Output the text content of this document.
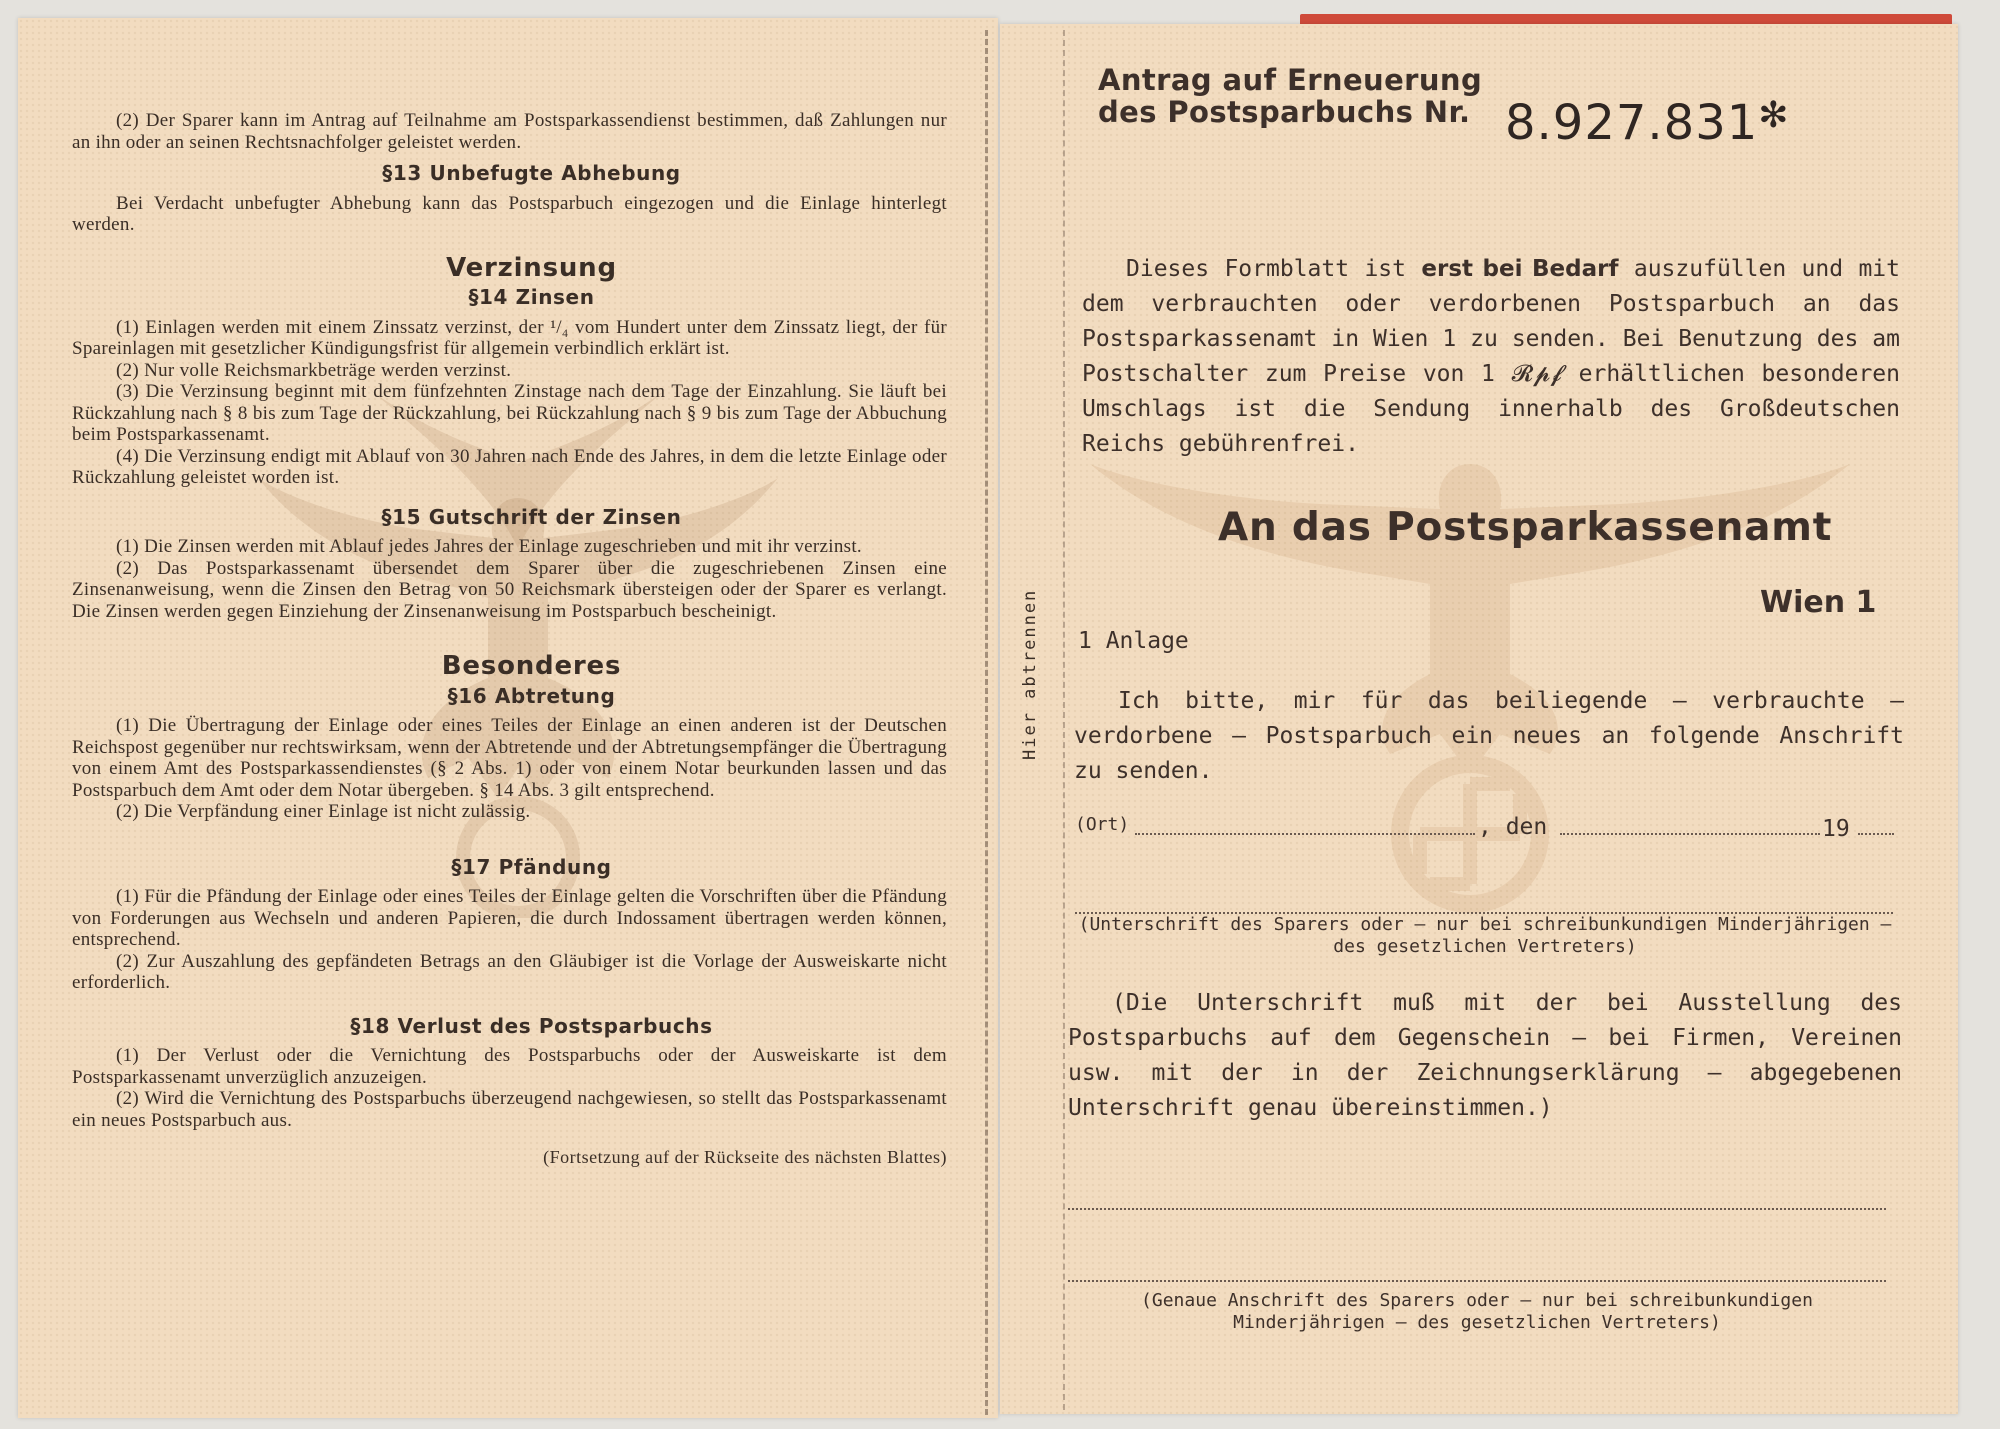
(2) Der Sparer kann im Antrag auf Teilnahme am Postsparkassendienst bestimmen, daß Zahlungen nur an ihn oder an seinen Rechtsnachfolger geleistet werden.

§13 Unbefugte Abhebung

Bei Verdacht unbefugter Abhebung kann das Postsparbuch eingezogen und die Einlage hinterlegt werden.

Verzinsung

§14 Zinsen

(1) Einlagen werden mit einem Zinssatz verzinst, der ¹/₄ vom Hundert unter dem Zinssatz liegt, der für Spareinlagen mit gesetzlicher Kündigungsfrist für allgemein verbindlich erklärt ist.

(2) Nur volle Reichsmarkbeträge werden verzinst.

(3) Die Verzinsung beginnt mit dem fünfzehnten Zinstage nach dem Tage der Einzahlung. Sie läuft bei Rückzahlung nach § 8 bis zum Tage der Rückzahlung, bei Rückzahlung nach § 9 bis zum Tage der Abbuchung beim Postsparkassenamt.

(4) Die Verzinsung endigt mit Ablauf von 30 Jahren nach Ende des Jahres, in dem die letzte Einlage oder Rückzahlung geleistet worden ist.

§15 Gutschrift der Zinsen

(1) Die Zinsen werden mit Ablauf jedes Jahres der Einlage zugeschrieben und mit ihr verzinst.

(2) Das Postsparkassenamt übersendet dem Sparer über die zugeschriebenen Zinsen eine Zinsenanweisung, wenn die Zinsen den Betrag von 50 Reichsmark übersteigen oder der Sparer es verlangt. Die Zinsen werden gegen Einziehung der Zinsenanweisung im Postsparbuch bescheinigt.

Besonderes

§16 Abtretung

(1) Die Übertragung der Einlage oder eines Teiles der Einlage an einen anderen ist der Deutschen Reichspost gegenüber nur rechtswirksam, wenn der Abtretende und der Abtretungsempfänger die Übertragung von einem Amt des Postsparkassendienstes (§ 2 Abs. 1) oder von einem Notar beurkunden lassen und das Postsparbuch dem Amt oder dem Notar übergeben. § 14 Abs. 3 gilt entsprechend.

(2) Die Verpfändung einer Einlage ist nicht zulässig.

§17 Pfändung

(1) Für die Pfändung der Einlage oder eines Teiles der Einlage gelten die Vorschriften über die Pfändung von Forderungen aus Wechseln und anderen Papieren, die durch Indossament übertragen werden können, entsprechend.

(2) Zur Auszahlung des gepfändeten Betrags an den Gläubiger ist die Vorlage der Ausweiskarte nicht erforderlich.

§18 Verlust des Postsparbuchs

(1) Der Verlust oder die Vernichtung des Postsparbuchs oder der Ausweiskarte ist dem Postsparkassenamt unverzüglich anzuzeigen.

(2) Wird die Vernichtung des Postsparbuchs überzeugend nachgewiesen, so stellt das Postsparkassenamt ein neues Postsparbuch aus.

(Fortsetzung auf der Rückseite des nächsten Blattes)

Antrag auf Erneuerung
des Postsparbuchs Nr. 8.927.831✻
Dieses Formblatt ist erst bei Bedarf auszufüllen und mit dem verbrauchten oder verdorbenen Postsparbuch an das Postsparkassenamt in Wien 1 zu senden. Bei Benutzung des am Postschalter zum Preise von 1 𝓡𝓹𝓯 erhältlichen besonderen Umschlags ist die Sendung innerhalb des Großdeutschen Reichs gebührenfrei.
An das Postsparkassenamt
Wien 1
1 Anlage
Ich bitte, mir für das beiliegende — verbrauchte — verdorbene — Postsparbuch ein neues an folgende Anschrift zu senden.
(Ort)	, den	19
(Unterschrift des Sparers oder — nur bei schreibunkundigen Minderjährigen — des gesetzlichen Vertreters)
(Die Unterschrift muß mit der bei Ausstellung des Postsparbuchs auf dem Gegenschein — bei Firmen, Vereinen usw. mit der in der Zeichnungserklärung — abgegebenen Unterschrift genau übereinstimmen.)
(Genaue Anschrift des Sparers oder — nur bei schreibunkundigen Minderjährigen — des gesetzlichen Vertreters)
Hier abtrennen
